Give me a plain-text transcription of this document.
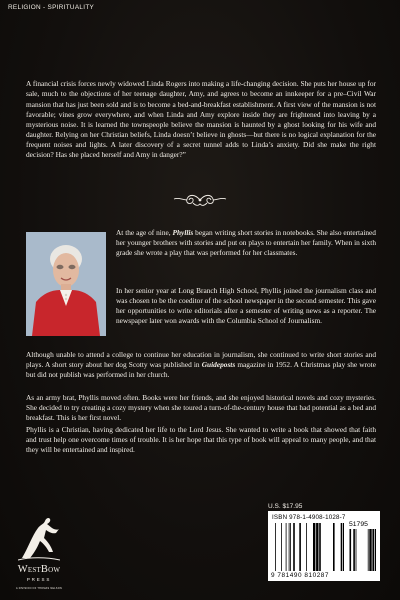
RELIGION - SPIRITUALITY

A financial crisis forces newly widowed Linda Rogers into making a life-changing decision. She puts her house up for sale, much to the objections of her teenage daughter, Amy, and agrees to become an innkeeper for a pre–Civil War mansion that has just been sold and is to become a bed-and-breakfast establishment. A first view of the mansion is not favorable; vines grow everywhere, and when Linda and Amy explore inside they are frightened into leaving by a mysterious noise. It is learned the townspeople believe the mansion is haunted by a ghost looking for his wife and daughter. Relying on her Christian beliefs, Linda doesn’t believe in ghosts—but there is no logical explanation for the frequent noises and lights. A later discovery of a secret tunnel adds to Linda’s anxiety. Did she make the right decision? Has she placed herself and Amy in danger?”

At the age of nine, Phyllis began writing short stories in notebooks. She also entertained her younger brothers with stories and put on plays to entertain her family. When in sixth grade she wrote a play that was performed for her classmates.

In her senior year at Long Branch High School, Phyllis joined the journalism class and was chosen to be the coeditor of the school newspaper in the second semester. This gave her opportunities to write editorials after a semester of writing news as a reporter. The newspaper later won awards with the Columbia School of Journalism.

Although unable to attend a college to continue her education in journalism, she continued to write short stories and plays. A short story about her dog Scotty was published in Guideposts magazine in 1952. A Christmas play she wrote but did not publish was performed in her church.

As an army brat, Phyllis moved often. Books were her friends, and she enjoyed historical novels and cozy mysteries. She decided to try creating a cozy mystery when she toured a turn-of-the-century house that had potential as a bed and breakfast. This is her first novel.

Phyllis is a Christian, having dedicated her life to the Lord Jesus. She wanted to write a book that showed that faith and trust help one overcome times of trouble. It is her hope that this type of book will appeal to many people, and that they will be entertained and inspired.

WestBow
PRESS
A DIVISION OF THOMAS NELSON
U.S. $17.95
ISBN 978-1-4908-1028-7
51795
9 781490 810287
